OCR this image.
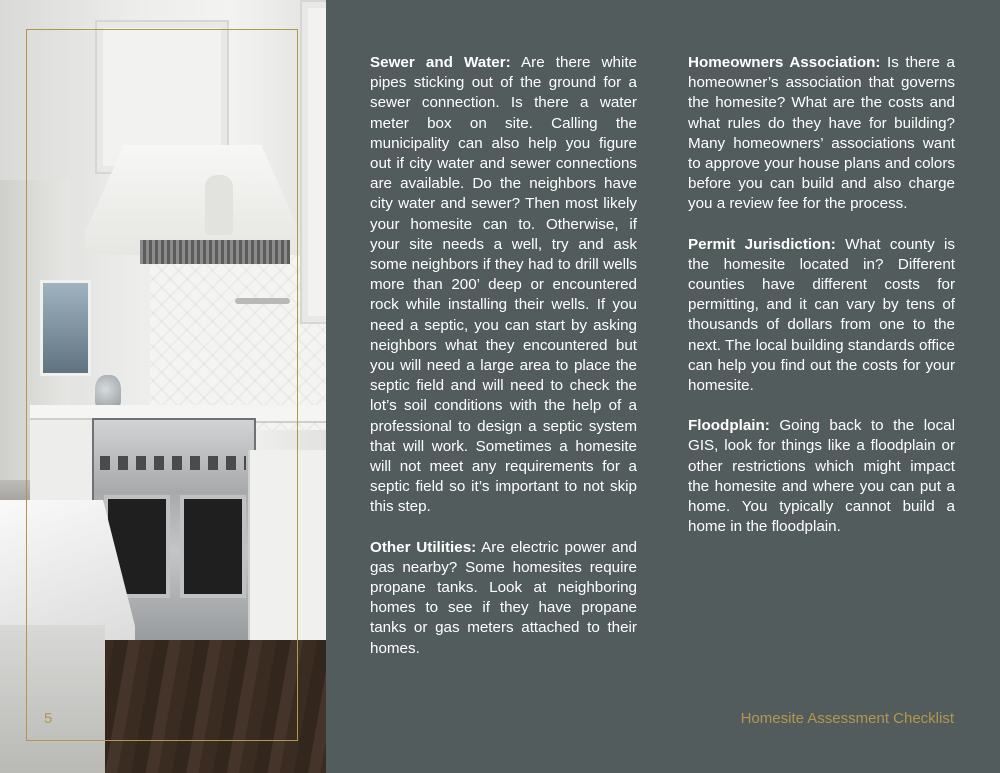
5

Sewer and Water: Are there white pipes sticking out of the ground for a sewer connection. Is there a water meter box on site. Calling the municipality can also help you figure out if city water and sewer connections are available. Do the neighbors have city water and sewer? Then most likely your homesite can to. Otherwise, if your site needs a well, try and ask some neighbors if they had to drill wells more than 200’ deep or encountered rock while installing their wells. If you need a septic, you can start by asking neighbors what they encountered but you will need a large area to place the septic field and will need to check the lot’s soil conditions with the help of a professional to design a septic system that will work. Sometimes a homesite will not meet any requirements for a septic field so it’s important to not skip this step.

Other Utilities: Are electric power and gas nearby? Some homesites require propane tanks. Look at neighboring homes to see if they have propane tanks or gas meters attached to their homes.

Homeowners Association: Is there a homeowner’s association that governs the homesite? What are the costs and what rules do they have for building? Many homeowners’ associations want to approve your house plans and colors before you can build and also charge you a review fee for the process.

Permit Jurisdiction: What county is the homesite located in? Different counties have different costs for permitting, and it can vary by tens of thousands of dollars from one to the next. The local building standards office can help you find out the costs for your homesite.

Floodplain: Going back to the local GIS, look for things like a floodplain or other restrictions which might impact the homesite and where you can put a home. You typically cannot build a home in the floodplain.

Homesite Assessment Checklist
